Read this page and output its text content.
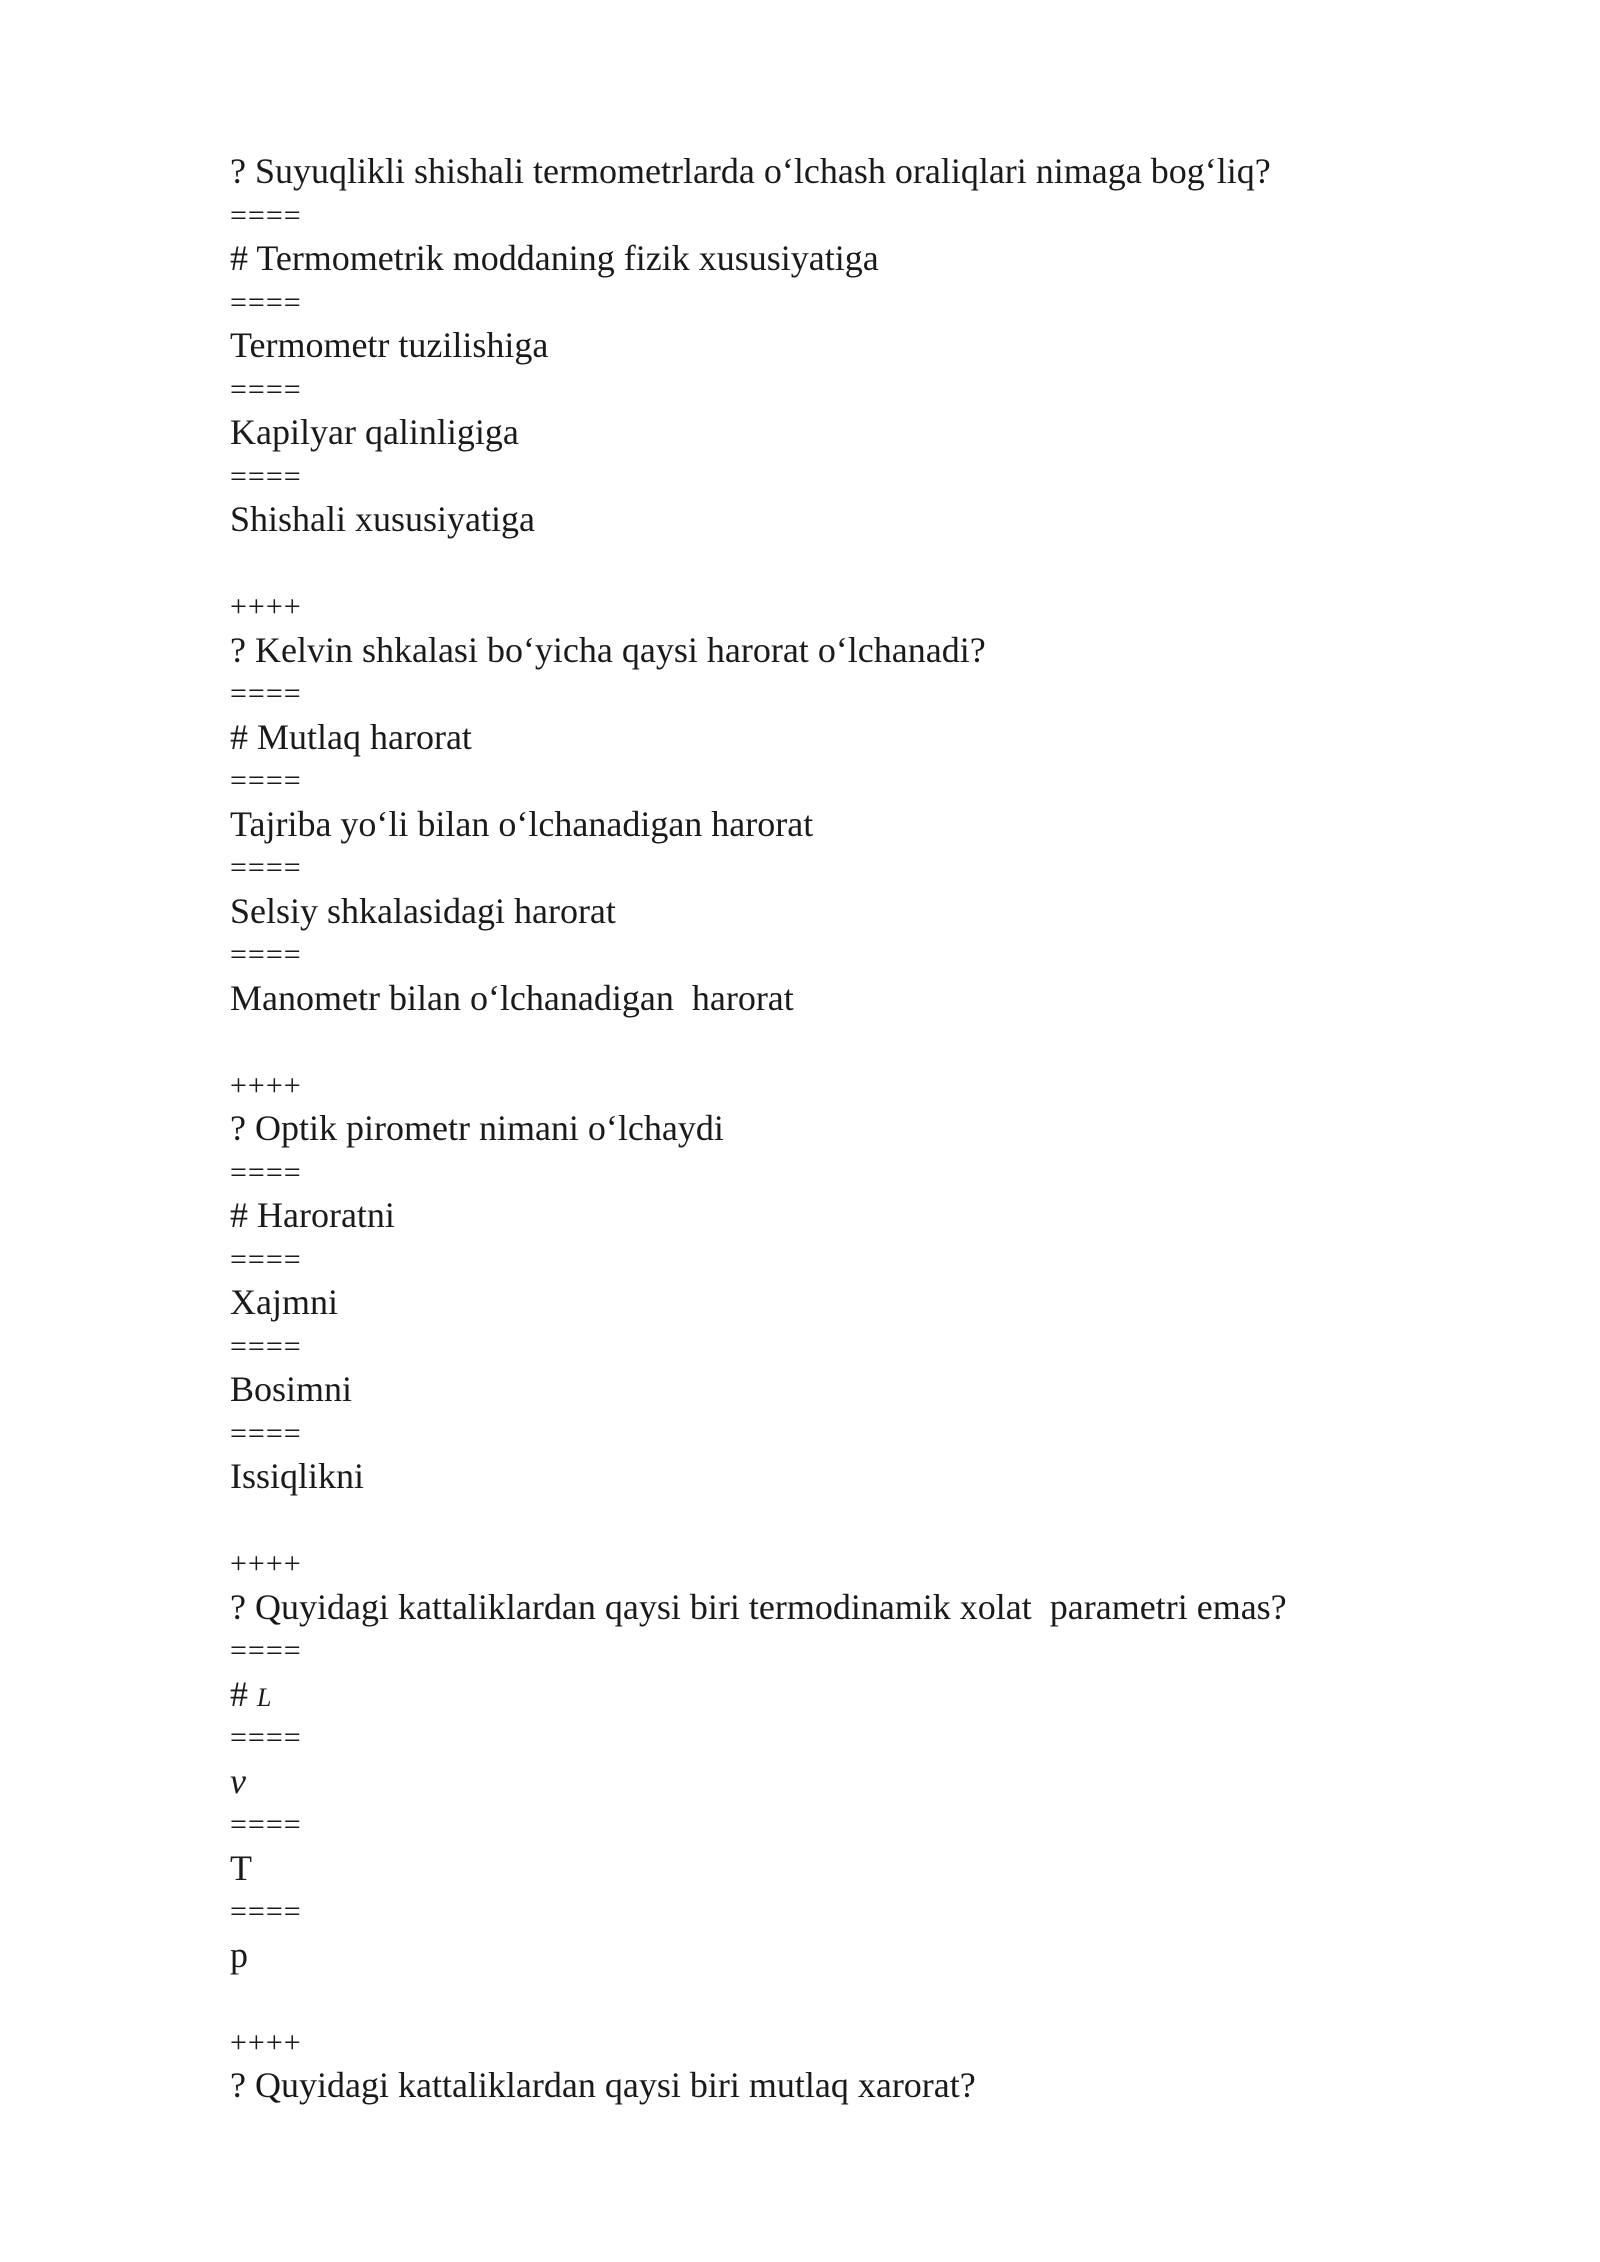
? Suyuqlikli shishali termometrlarda o‘lchash oraliqlari nimaga bog‘liq?
====
# Termometrik moddaning fizik xususiyatiga
====
Termometr tuzilishiga
====
Kapilyar qalinligiga
====
Shishali xususiyatiga
++++
? Kelvin shkalasi bo‘yicha qaysi harorat o‘lchanadi?
====
# Mutlaq harorat
====
Tajriba yo‘li bilan o‘lchanadigan harorat
====
Selsiy shkalasidagi harorat
====
Manometr bilan o‘lchanadigan  harorat
++++
? Optik pirometr nimani o‘lchaydi
====
# Haroratni
====
Xajmni
====
Bosimni
====
Issiqlikni
++++
? Quyidagi kattaliklardan qaysi biri termodinamik xolat  parametri emas?
====
# L
====
v
====
T
====
p
++++
? Quyidagi kattaliklardan qaysi biri mutlaq xarorat?
